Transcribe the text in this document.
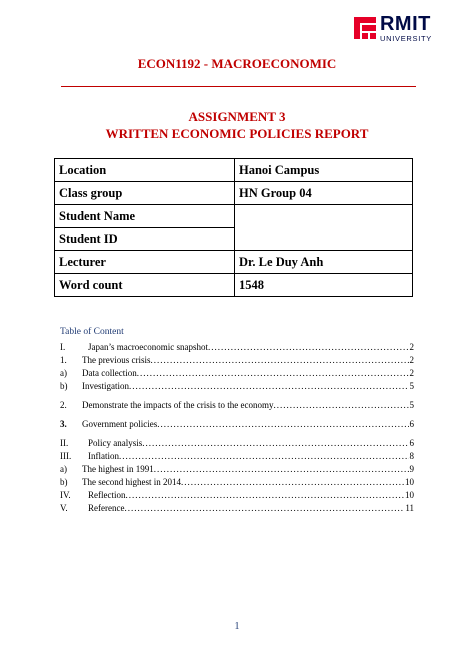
RMIT
UNIVERSITY
ECON1192 - MACROECONOMIC
ASSIGNMENT 3
WRITTEN ECONOMIC POLICIES REPORT
Location	Hanoi Campus
Class group	HN Group 04
Student Name	
Student ID	
Lecturer	Dr. Le Duy Anh
Word count	1548
Table of Content
I.	Japan’s macroeconomic snapshot .....	2
1.	The previous crisis .....	2
a)	Data collection .....	2
b)	Investigation .....	5
2.	Demonstrate the impacts of the crisis to the economy .....	5
3.	Government policies .....	6
II.	Policy analysis .....	6
III.	Inflation .....	8
a)	The highest in 1991 .....	9
b)	The second highest in 2014 .....	10
IV.	Reflection .....	10
V.	Reference .....	11
1
